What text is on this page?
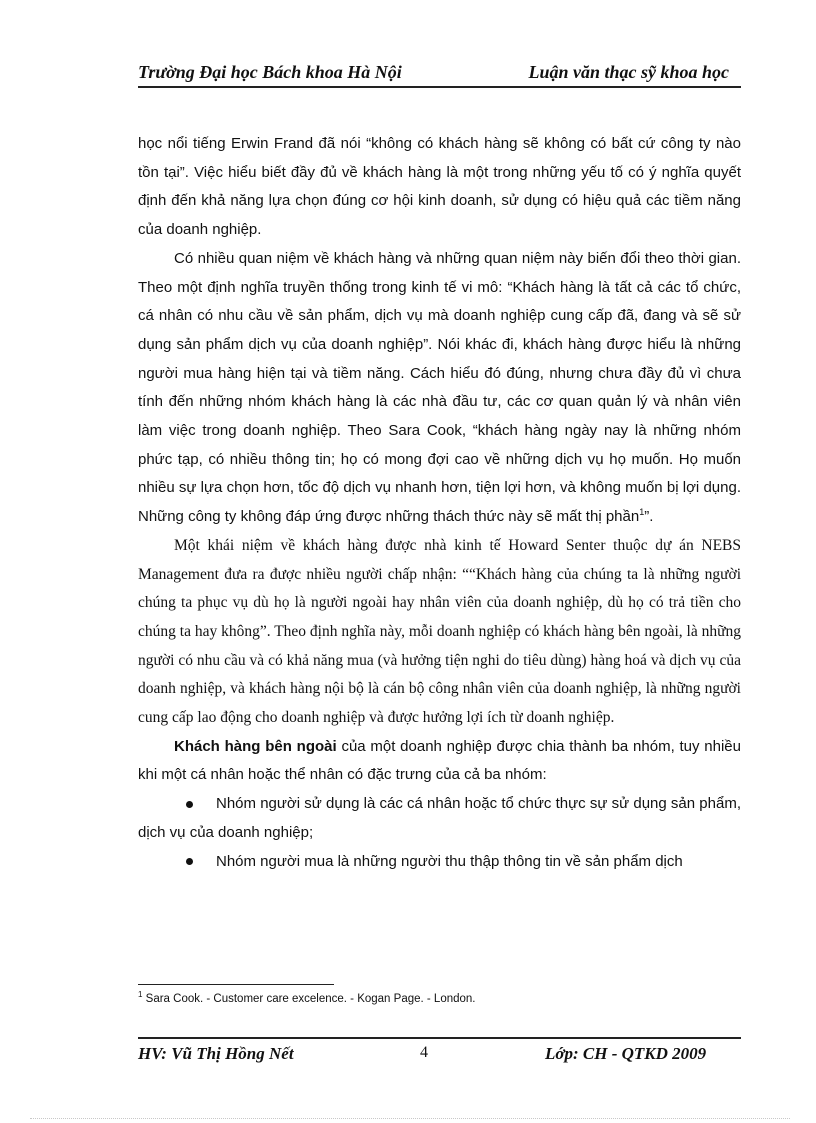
Trường Đại học Bách khoa Hà Nội	Luận văn thạc sỹ khoa học

học nổi tiếng Erwin Frand đã nói “không có khách hàng sẽ không có bất cứ công ty nào tồn tại”. Việc hiểu biết đầy đủ về khách hàng là một trong những yếu tố có ý nghĩa quyết định đến khả năng lựa chọn đúng cơ hội kinh doanh, sử dụng có hiệu quả các tiềm năng của doanh nghiệp.

Có nhiều quan niệm về khách hàng và những quan niệm này biến đổi theo thời gian. Theo một định nghĩa truyền thống trong kinh tế vi mô: “Khách hàng là tất cả các tổ chức, cá nhân có nhu cầu về sản phẩm, dịch vụ mà doanh nghiệp cung cấp đã, đang và sẽ sử dụng sản phẩm dịch vụ của doanh nghiệp”. Nói khác đi, khách hàng được hiểu là những người mua hàng hiện tại và tiềm năng. Cách hiểu đó đúng, nhưng chưa đầy đủ vì chưa tính đến những nhóm khách hàng là các nhà đầu tư, các cơ quan quản lý và nhân viên làm việc trong doanh nghiệp. Theo Sara Cook, “khách hàng ngày nay là những nhóm phức tạp, có nhiều thông tin; họ có mong đợi cao về những dịch vụ họ muốn. Họ muốn nhiều sự lựa chọn hơn, tốc độ dịch vụ nhanh hơn, tiện lợi hơn, và không muốn bị lợi dụng. Những công ty không đáp ứng được những thách thức này sẽ mất thị phần$^1$”.

Một khái niệm về khách hàng được nhà kinh tế Howard Senter thuộc dự án NEBS Management đưa ra được nhiều người chấp nhận: ““Khách hàng của chúng ta là những người chúng ta phục vụ dù họ là người ngoài hay nhân viên của doanh nghiệp, dù họ có trả tiền cho chúng ta hay không”. Theo định nghĩa này, mỗi doanh nghiệp có khách hàng bên ngoài, là những người có nhu cầu và có khả năng mua (và hưởng tiện nghi do tiêu dùng) hàng hoá và dịch vụ của doanh nghiệp, và khách hàng nội bộ là cán bộ công nhân viên của doanh nghiệp, là những người cung cấp lao động cho doanh nghiệp và được hưởng lợi ích từ doanh nghiệp.

Khách hàng bên ngoài của một doanh nghiệp được chia thành ba nhóm, tuy nhiều khi một cá nhân hoặc thể nhân có đặc trưng của cả ba nhóm:

Nhóm người sử dụng là các cá nhân hoặc tổ chức thực sự sử dụng sản phẩm, dịch vụ của doanh nghiệp;

Nhóm người mua là những người thu thập thông tin về sản phẩm dịch

$^1$ Sara Cook. - Customer care excelence. - Kogan Page. - London.
HV: Vũ Thị Hồng Nết	4	Lớp: CH - QTKD 2009
